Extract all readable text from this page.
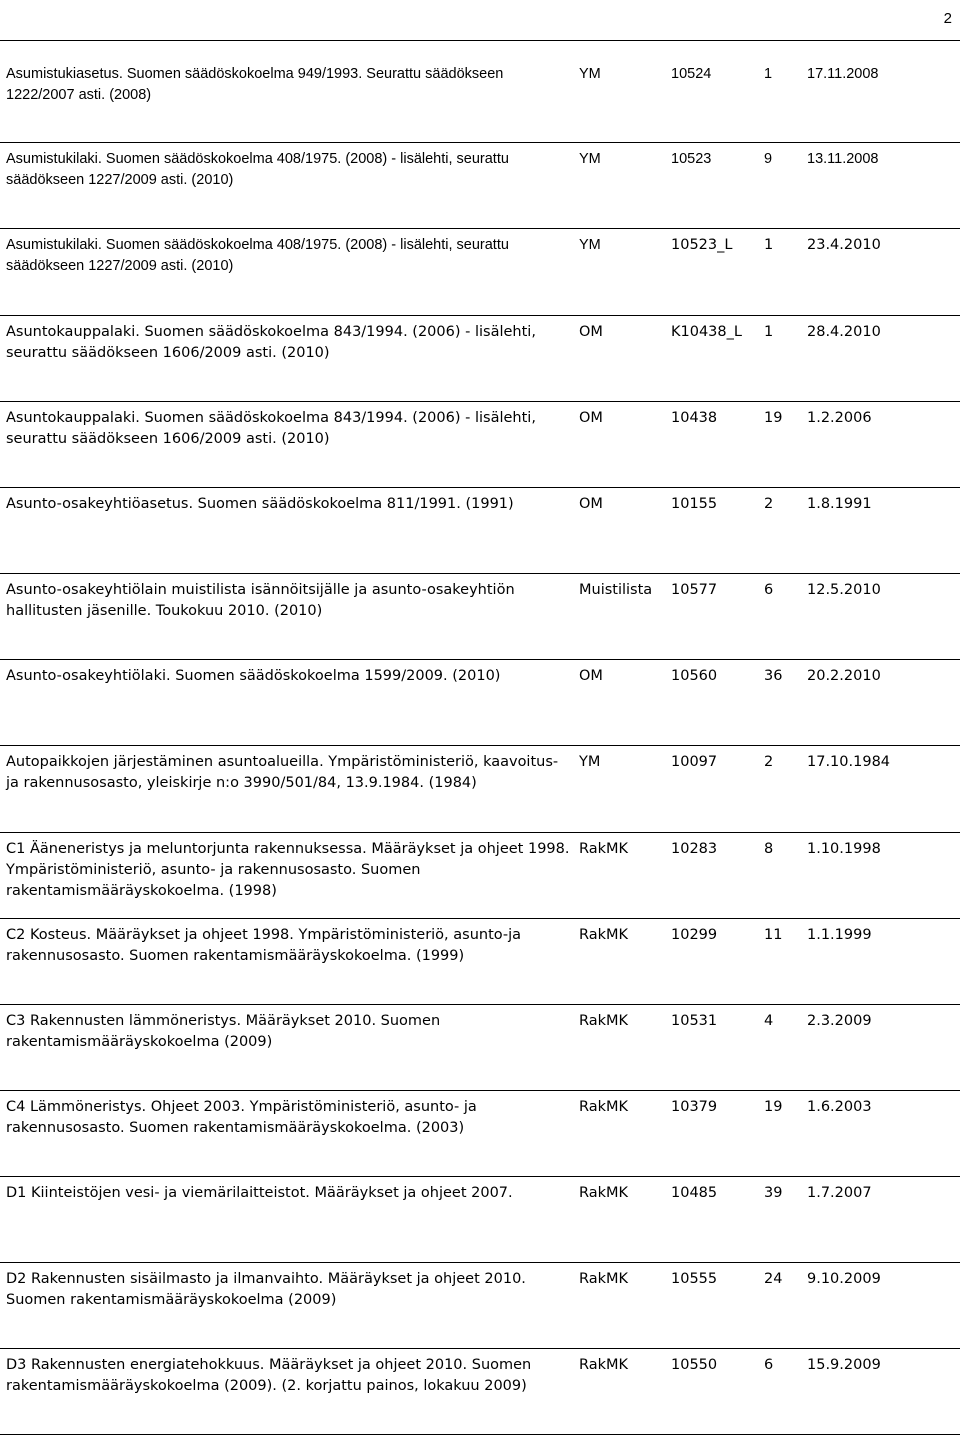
2
Asumistukiasetus. Suomen säädöskokoelma 949/1993. Seurattu säädökseen 1222/2007 asti. (2008)	YM	10524	1	17.11.2008
Asumistukilaki. Suomen säädöskokoelma 408/1975. (2008) - lisälehti, seurattu säädökseen 1227/2009 asti. (2010)	YM	10523	9	13.11.2008
Asumistukilaki. Suomen säädöskokoelma 408/1975. (2008) - lisälehti, seurattu säädökseen 1227/2009 asti. (2010)	YM	10523_L	1	23.4.2010
Asuntokauppalaki. Suomen säädöskokoelma 843/1994. (2006) - lisälehti, seurattu säädökseen 1606/2009 asti. (2010)	OM	K10438_L	1	28.4.2010
Asuntokauppalaki. Suomen säädöskokoelma 843/1994. (2006) - lisälehti, seurattu säädökseen 1606/2009 asti. (2010)	OM	10438	19	1.2.2006
Asunto-osakeyhtiöasetus. Suomen säädöskokoelma 811/1991. (1991)	OM	10155	2	1.8.1991
Asunto-osakeyhtiölain muistilista isännöitsijälle ja asunto-osakeyhtiön hallitusten jäsenille. Toukokuu 2010. (2010)	Muistilista	10577	6	12.5.2010
Asunto-osakeyhtiölaki. Suomen säädöskokoelma 1599/2009. (2010)	OM	10560	36	20.2.2010
Autopaikkojen järjestäminen asuntoalueilla. Ympäristöministeriö, kaavoitus- ja rakennusosasto, yleiskirje n:o 3990/501/84, 13.9.1984. (1984)	YM	10097	2	17.10.1984
C1 Ääneneristys ja meluntorjunta rakennuksessa. Määräykset ja ohjeet 1998. Ympäristöministeriö, asunto- ja rakennusosasto. Suomen rakentamismääräyskokoelma. (1998)	RakMK	10283	8	1.10.1998
C2 Kosteus. Määräykset ja ohjeet 1998. Ympäristöministeriö, asunto-ja rakennusosasto. Suomen rakentamismääräyskokoelma. (1999)	RakMK	10299	11	1.1.1999
C3 Rakennusten lämmöneristys. Määräykset 2010. Suomen rakentamismääräyskokoelma (2009)	RakMK	10531	4	2.3.2009
C4 Lämmöneristys. Ohjeet 2003. Ympäristöministeriö, asunto- ja rakennusosasto. Suomen rakentamismääräyskokoelma. (2003)	RakMK	10379	19	1.6.2003
D1 Kiinteistöjen vesi- ja viemärilaitteistot. Määräykset ja ohjeet 2007.	RakMK	10485	39	1.7.2007
D2 Rakennusten sisäilmasto ja ilmanvaihto. Määräykset ja ohjeet 2010. Suomen rakentamismääräyskokoelma (2009)	RakMK	10555	24	9.10.2009
D3 Rakennusten energiatehokkuus. Määräykset ja ohjeet 2010. Suomen rakentamismääräyskokoelma (2009). (2. korjattu painos, lokakuu 2009)	RakMK	10550	6	15.9.2009
